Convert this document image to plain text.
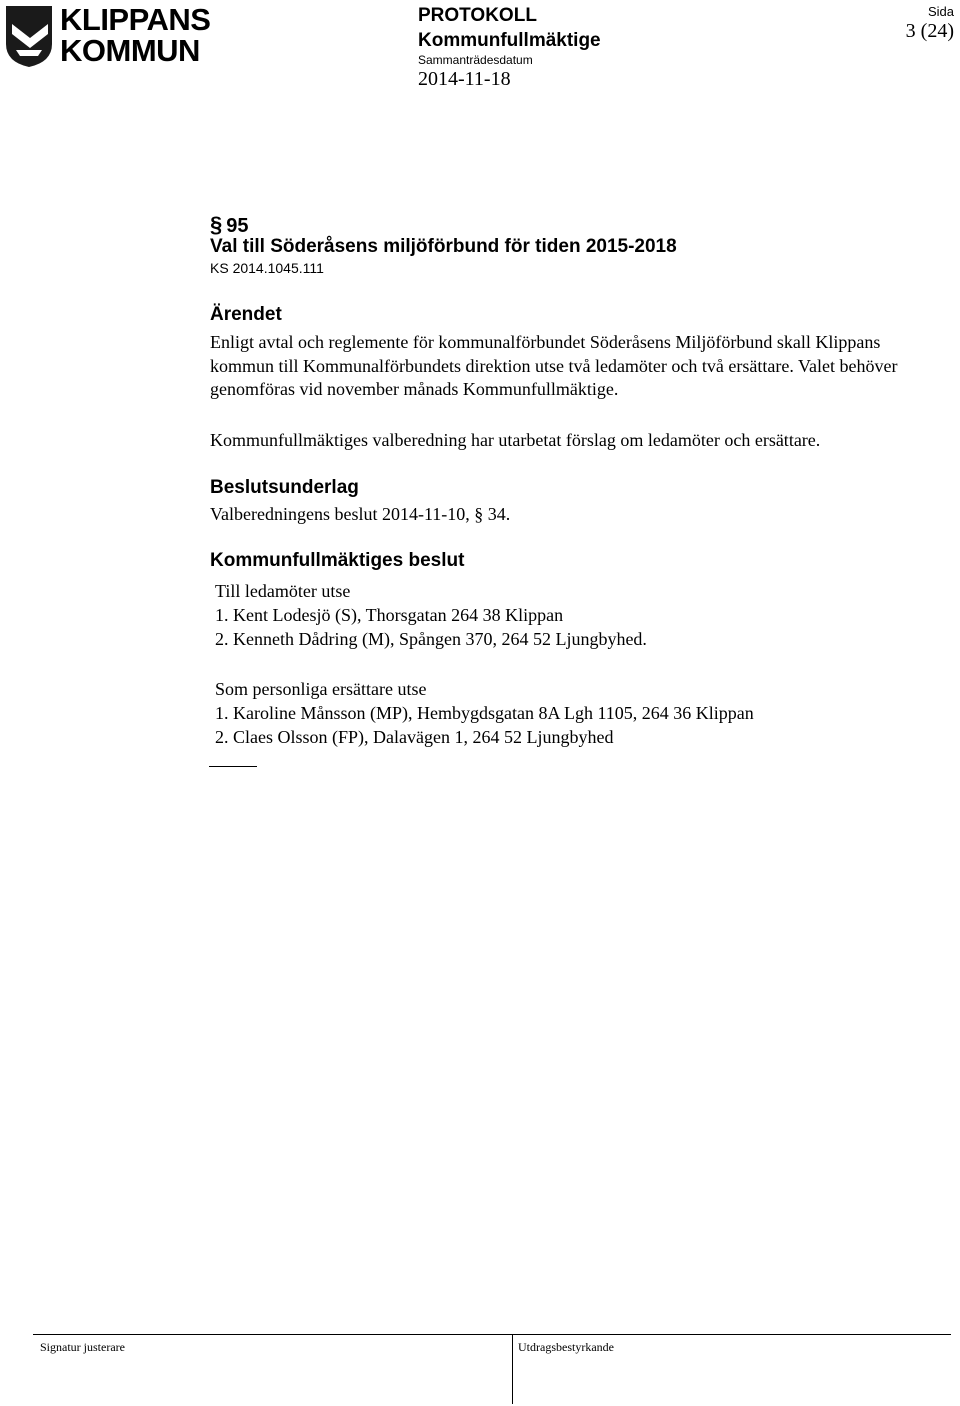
KLIPPANS
KOMMUN
PROTOKOLL
Kommunfullmäktige
Sammanträdesdatum
2014-11-18
Sida
3 (24)
§ 95
Val till Söderåsens miljöförbund för tiden 2015-2018
KS 2014.1045.111
Ärendet
Enligt avtal och reglemente för kommunalförbundet Söderåsens Miljöförbund skall Klippans kommun till Kommunalförbundets direktion utse två ledamöter och två ersättare. Valet behöver genomföras vid november månads Kommunfullmäktige.
Kommunfullmäktiges valberedning har utarbetat förslag om ledamöter och ersättare.
Beslutsunderlag
Valberedningens beslut 2014-11-10, § 34.
Kommunfullmäktiges beslut
Till ledamöter utse
1. Kent Lodesjö (S), Thorsgatan 264 38 Klippan
2. Kenneth Dådring (M), Spången 370, 264 52 Ljungbyhed.
Som personliga ersättare utse
1. Karoline Månsson (MP), Hembygdsgatan 8A Lgh 1105, 264 36 Klippan
2. Claes Olsson (FP), Dalavägen 1, 264 52 Ljungbyhed
Signatur justerare	Utdragsbestyrkande
